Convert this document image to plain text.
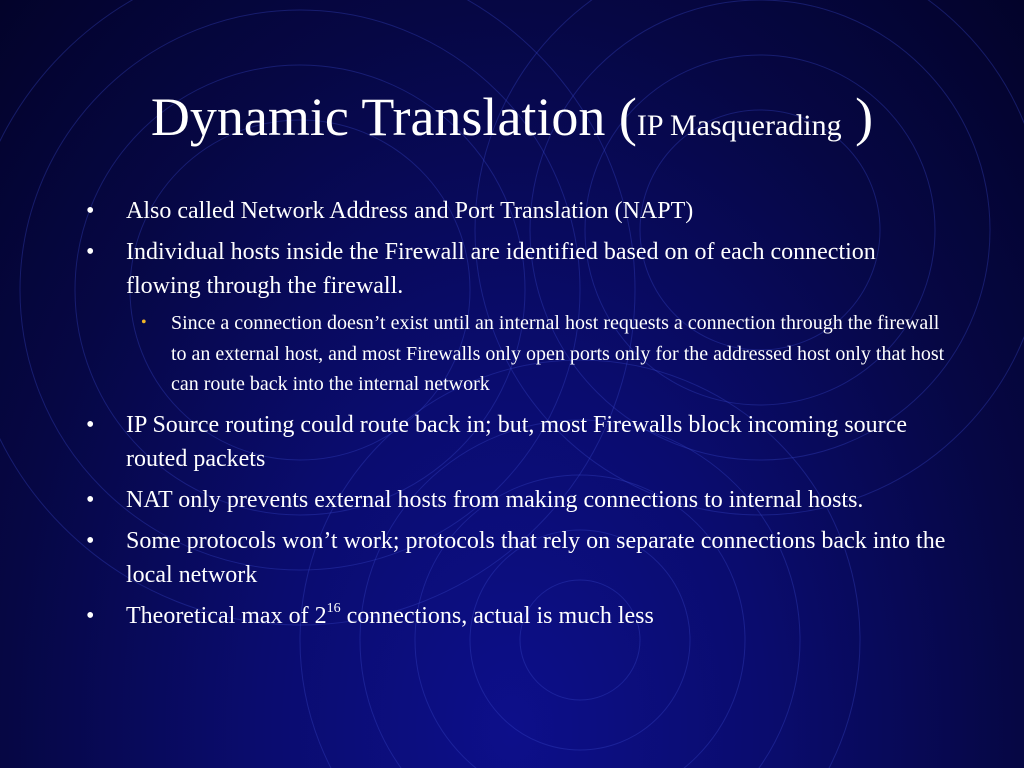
Dynamic Translation (IP Masquerading )
• Also called Network Address and Port Translation (NAPT)
• Individual hosts inside the Firewall are identified based on of each connection flowing through the firewall.
• Since a connection doesn’t exist until an internal host requests a connection through the firewall to an external host, and most Firewalls only open ports only for the addressed host only that host can route back into the internal network
• IP Source routing could route back in; but, most Firewalls block incoming source routed packets
• NAT only prevents external hosts from making connections to internal hosts.
• Some protocols won’t work; protocols that rely on separate connections back into the local network
• Theoretical max of $2^{16}$ connections, actual is much less
